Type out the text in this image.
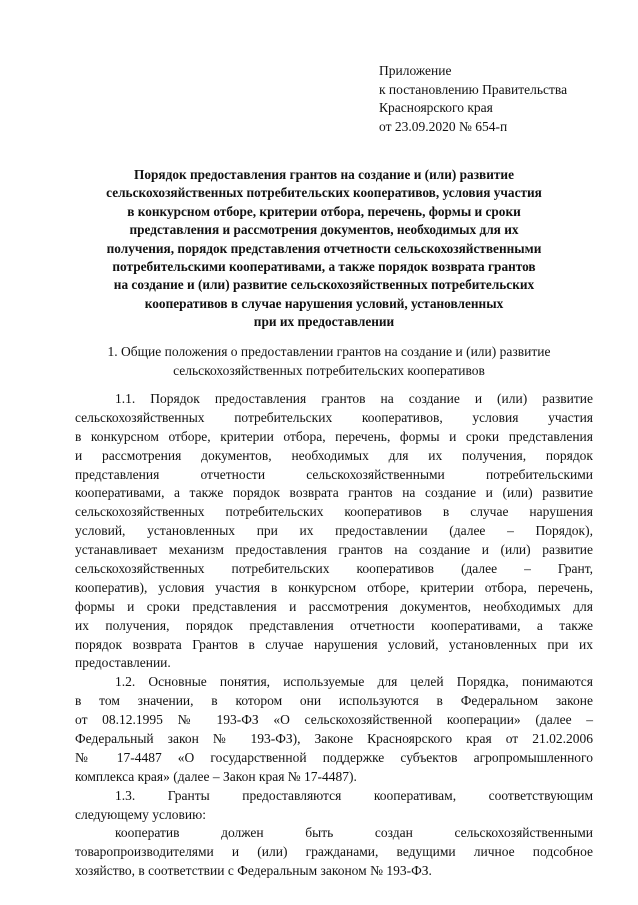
Приложение
к постановлению Правительства
Красноярского края
от 23.09.2020 № 654-п
Порядок предоставления грантов на создание и (или) развитие
сельскохозяйственных потребительских кооперативов, условия участия
в конкурсном отборе, критерии отбора, перечень, формы и сроки
представления и рассмотрения документов, необходимых для их
получения, порядок представления отчетности сельскохозяйственными
потребительскими кооперативами, а также порядок возврата грантов
на создание и (или) развитие сельскохозяйственных потребительских
кооперативов в случае нарушения условий, установленных
при их предоставлении
1. Общие положения о предоставлении грантов на создание и (или) развитие
сельскохозяйственных потребительских кооперативов
1.1. Порядок предоставления грантов на создание и (или) развитие
сельскохозяйственных потребительских кооперативов, условия участия
в конкурсном отборе, критерии отбора, перечень, формы и сроки представления
и рассмотрения документов, необходимых для их получения, порядок
представления отчетности сельскохозяйственными потребительскими
кооперативами, а также порядок возврата грантов на создание и (или) развитие
сельскохозяйственных потребительских кооперативов в случае нарушения
условий, установленных при их предоставлении (далее – Порядок),
устанавливает механизм предоставления грантов на создание и (или) развитие
сельскохозяйственных потребительских кооперативов (далее – Грант,
кооператив), условия участия в конкурсном отборе, критерии отбора, перечень,
формы и сроки представления и рассмотрения документов, необходимых для
их получения, порядок представления отчетности кооперативами, а также
порядок возврата Грантов в случае нарушения условий, установленных при их
предоставлении.
1.2. Основные понятия, используемые для целей Порядка, понимаются
в том значении, в котором они используются в Федеральном законе
от 08.12.1995 № 193-ФЗ «О сельскохозяйственной кооперации» (далее –
Федеральный закон № 193-ФЗ), Законе Красноярского края от 21.02.2006
№ 17-4487 «О государственной поддержке субъектов агропромышленного
комплекса края» (далее – Закон края № 17-4487).
1.3. Гранты предоставляются кооперативам, соответствующим
следующему условию:
кооператив должен быть создан сельскохозяйственными
товаропроизводителями и (или) гражданами, ведущими личное подсобное
хозяйство, в соответствии с Федеральным законом № 193-ФЗ.
